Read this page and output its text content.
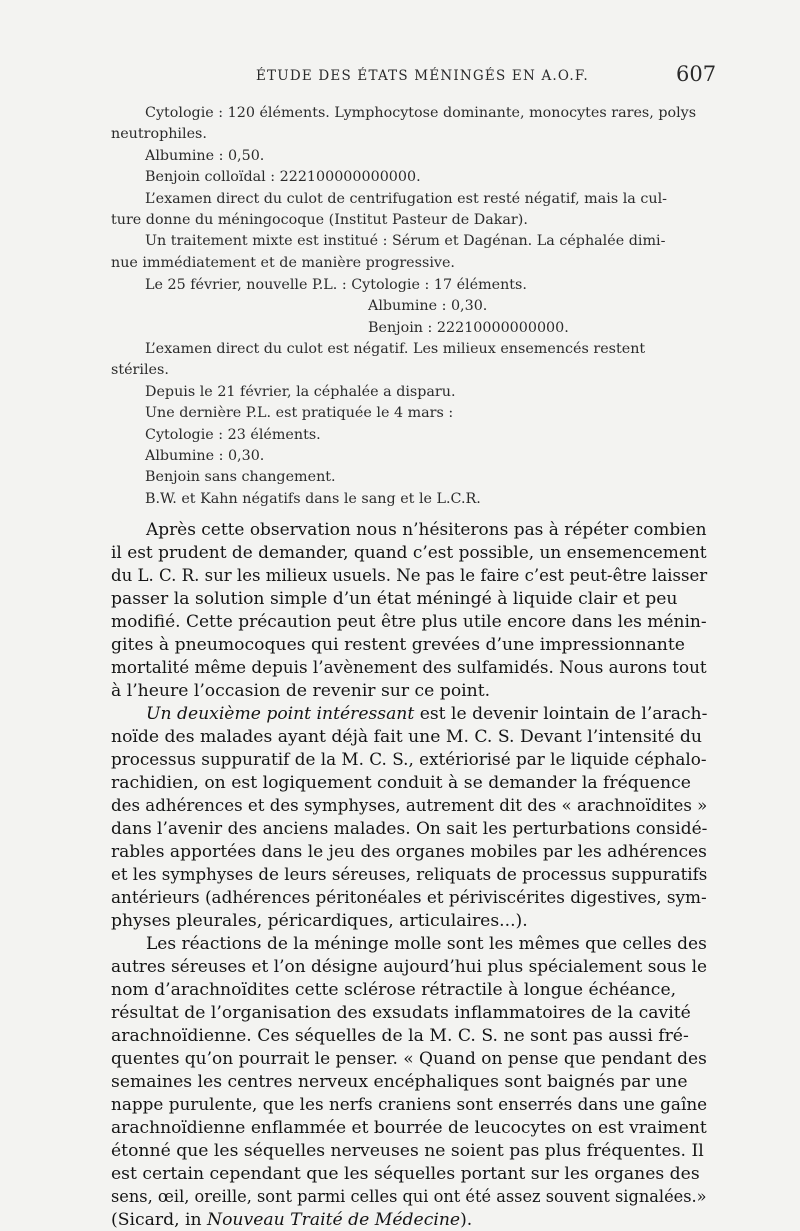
ÉTUDE DES ÉTATS MÉNINGÉS EN A.O.F.	607
Cytologie : 120 éléments. Lymphocytose dominante, monocytes rares, polys
neutrophiles.
Albumine : 0,50.
Benjoin colloïdal : 222100000000000.
L’examen direct du culot de centrifugation est resté négatif, mais la cul-
ture donne du méningocoque (Institut Pasteur de Dakar).
Un traitement mixte est institué : Sérum et Dagénan. La céphalée dimi-
nue immédiatement et de manière progressive.
Le 25 février, nouvelle P.L. : Cytologie : 17 éléments.
Albumine : 0,30.
Benjoin : 22210000000000.
L’examen direct du culot est négatif. Les milieux ensemencés restent
stériles.
Depuis le 21 février, la céphalée a disparu.
Une dernière P.L. est pratiquée le 4 mars :
Cytologie : 23 éléments.
Albumine : 0,30.
Benjoin sans changement.
B.W. et Kahn négatifs dans le sang et le L.C.R.
Après cette observation nous n’hésiterons pas à répéter combien
il est prudent de demander, quand c’est possible, un ensemencement
du L. C. R. sur les milieux usuels. Ne pas le faire c’est peut-être laisser
passer la solution simple d’un état méningé à liquide clair et peu
modifié. Cette précaution peut être plus utile encore dans les ménin-
gites à pneumocoques qui restent grevées d’une impressionnante
mortalité même depuis l’avènement des sulfamidés. Nous aurons tout
à l’heure l’occasion de revenir sur ce point.
Un deuxième point intéressant est le devenir lointain de l’arach-
noïde des malades ayant déjà fait une M. C. S. Devant l’intensité du
processus suppuratif de la M. C. S., extériorisé par le liquide céphalo-
rachidien, on est logiquement conduit à se demander la fréquence
des adhérences et des symphyses, autrement dit des « arachnoïdites »
dans l’avenir des anciens malades. On sait les perturbations considé-
rables apportées dans le jeu des organes mobiles par les adhérences
et les symphyses de leurs séreuses, reliquats de processus suppuratifs
antérieurs (adhérences péritonéales et périviscérites digestives, sym-
physes pleurales, péricardiques, articulaires...).
Les réactions de la méninge molle sont les mêmes que celles des
autres séreuses et l’on désigne aujourd’hui plus spécialement sous le
nom d’arachnoïdites cette sclérose rétractile à longue échéance,
résultat de l’organisation des exsudats inflammatoires de la cavité
arachnoïdienne. Ces séquelles de la M. C. S. ne sont pas aussi fré-
quentes qu’on pourrait le penser. « Quand on pense que pendant des
semaines les centres nerveux encéphaliques sont baignés par une
nappe purulente, que les nerfs craniens sont enserrés dans une gaîne
arachnoïdienne enflammée et bourrée de leucocytes on est vraiment
étonné que les séquelles nerveuses ne soient pas plus fréquentes. Il
est certain cependant que les séquelles portant sur les organes des
sens, œil, oreille, sont parmi celles qui ont été assez souvent signalées.»
(Sicard, in Nouveau Traité de Médecine).
